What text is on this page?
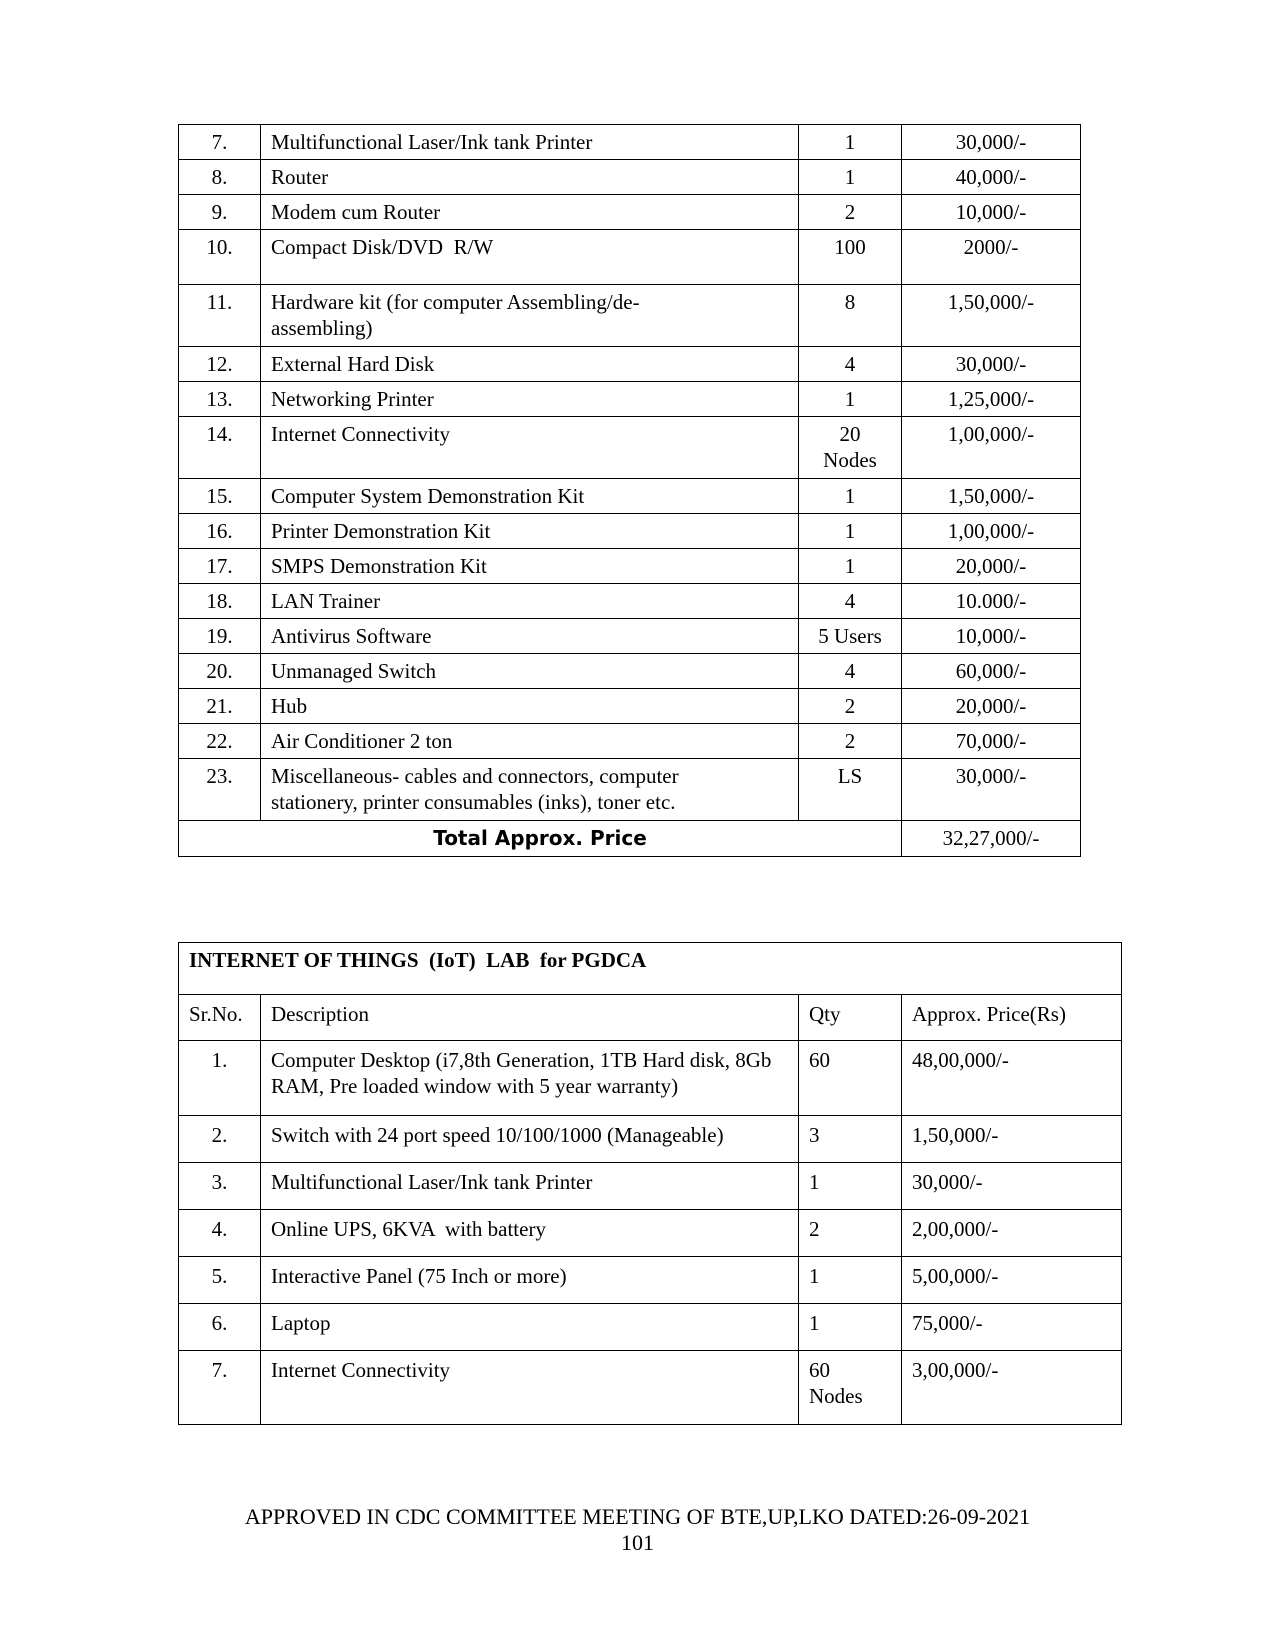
7.	Multifunctional Laser/Ink tank Printer	1	30,000/-
8.	Router	1	40,000/-
9.	Modem cum Router	2	10,000/-
10.	Compact Disk/DVD  R/W	100	2000/-
11.	Hardware kit (for computer Assembling/de-assembling)	8	1,50,000/-
12.	External Hard Disk	4	30,000/-
13.	Networking Printer	1	1,25,000/-
14.	Internet Connectivity	20 Nodes	1,00,000/-
15.	Computer System Demonstration Kit	1	1,50,000/-
16.	Printer Demonstration Kit	1	1,00,000/-
17.	SMPS Demonstration Kit	1	20,000/-
18.	LAN Trainer	4	10.000/-
19.	Antivirus Software	5 Users	10,000/-
20.	Unmanaged Switch	4	60,000/-
21.	Hub	2	20,000/-
22.	Air Conditioner 2 ton	2	70,000/-
23.	Miscellaneous- cables and connectors, computer stationery, printer consumables (inks), toner etc.	LS	30,000/-
Total Approx. Price			32,27,000/-
INTERNET OF THINGS  (IoT)  LAB  for PGDCA			
Sr.No.	Description	Qty	Approx. Price(Rs)
1.	Computer Desktop (i7,8th Generation, 1TB Hard disk, 8Gb RAM, Pre loaded window with 5 year warranty)	60	48,00,000/-
2.	Switch with 24 port speed 10/100/1000 (Manageable)	3	1,50,000/-
3.	Multifunctional Laser/Ink tank Printer	1	30,000/-
4.	Online UPS, 6KVA  with battery	2	2,00,000/-
5.	Interactive Panel (75 Inch or more)	1	5,00,000/-
6.	Laptop	1	75,000/-
7.	Internet Connectivity	60 Nodes	3,00,000/-
APPROVED IN CDC COMMITTEE MEETING OF BTE,UP,LKO DATED:26-09-2021
101
